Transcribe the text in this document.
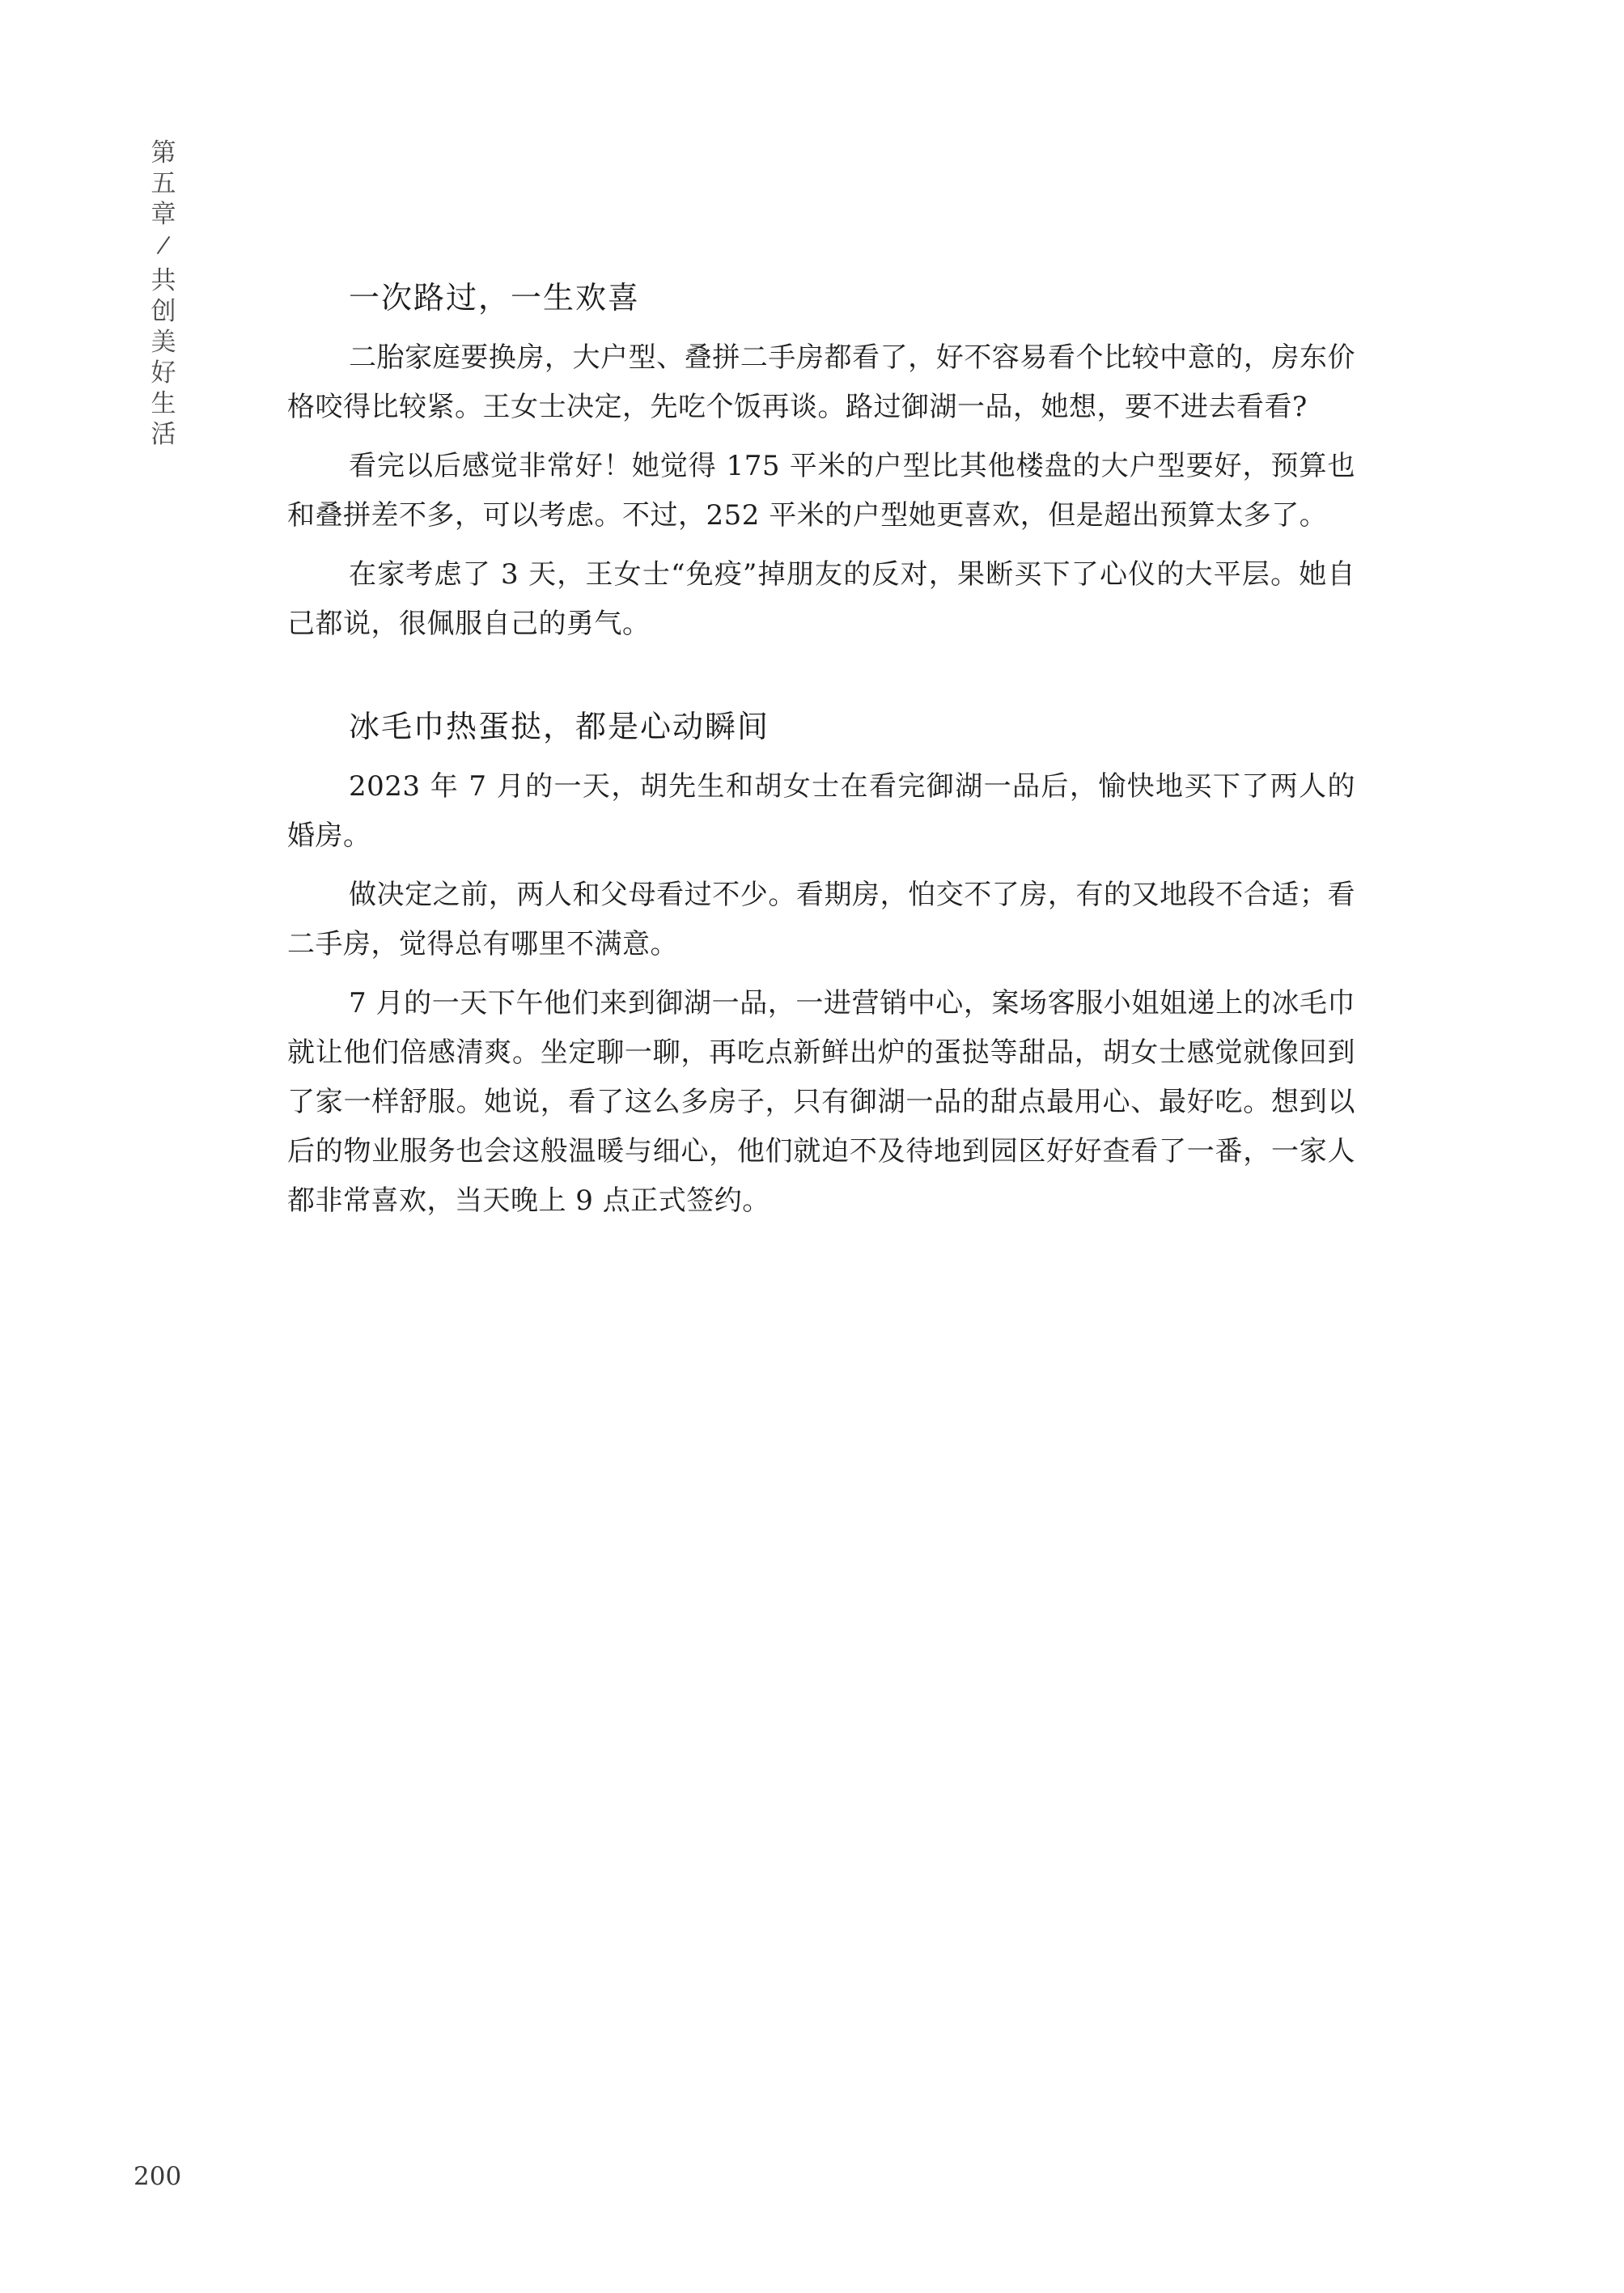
第五章
共创美好生活
一次路过，一生欢喜

二胎家庭要换房，大户型、叠拼二手房都看了，好不容易看个比较中意的，房东价格咬得比较紧。王女士决定，先吃个饭再谈。路过御湖一品，她想，要不进去看看?

看完以后感觉非常好！她觉得 175 平米的户型比其他楼盘的大户型要好，预算也和叠拼差不多，可以考虑。不过，252 平米的户型她更喜欢，但是超出预算太多了。

在家考虑了 3 天，王女士“免疫”掉朋友的反对，果断买下了心仪的大平层。她自己都说，很佩服自己的勇气。

冰毛巾热蛋挞，都是心动瞬间

2023 年 7 月的一天，胡先生和胡女士在看完御湖一品后，愉快地买下了两人的婚房。

做决定之前，两人和父母看过不少。看期房，怕交不了房，有的又地段不合适；看二手房，觉得总有哪里不满意。

7 月的一天下午他们来到御湖一品，一进营销中心，案场客服小姐姐递上的冰毛巾就让他们倍感清爽。坐定聊一聊，再吃点新鲜出炉的蛋挞等甜品，胡女士感觉就像回到了家一样舒服。她说，看了这么多房子，只有御湖一品的甜点最用心、最好吃。想到以后的物业服务也会这般温暖与细心，他们就迫不及待地到园区好好查看了一番，一家人都非常喜欢，当天晚上 9 点正式签约。

200
